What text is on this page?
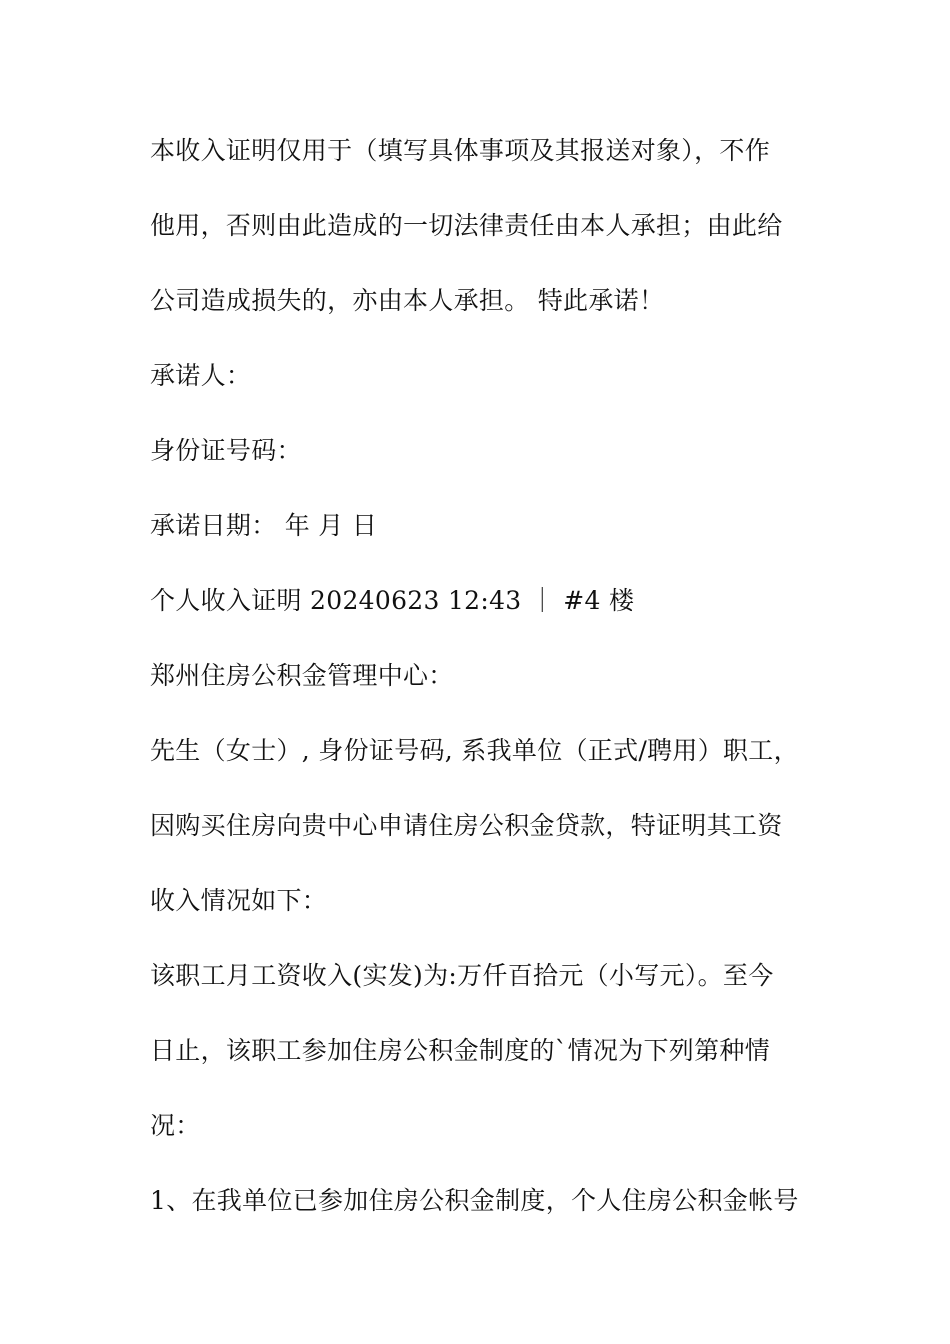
本收入证明仅用于（填写具体事项及其报送对象），不作
他用，否则由此造成的一切法律责任由本人承担；由此给
公司造成损失的，亦由本人承担。 特此承诺！
承诺人：
身份证号码：
承诺日期： 年 月 日
个人收入证明 20240623 12:43 ｜ #4 楼
郑州住房公积金管理中心：
先生（女士）, 身份证号码, 系我单位（正式/聘用）职工，
因购买住房向贵中心申请住房公积金贷款，特证明其工资
收入情况如下：
该职工月工资收入(实发)为:万仟百拾元（小写元）。至今
日止，该职工参加住房公积金制度的`情况为下列第种情
况：
1、在我单位已参加住房公积金制度，个人住房公积金帐号
